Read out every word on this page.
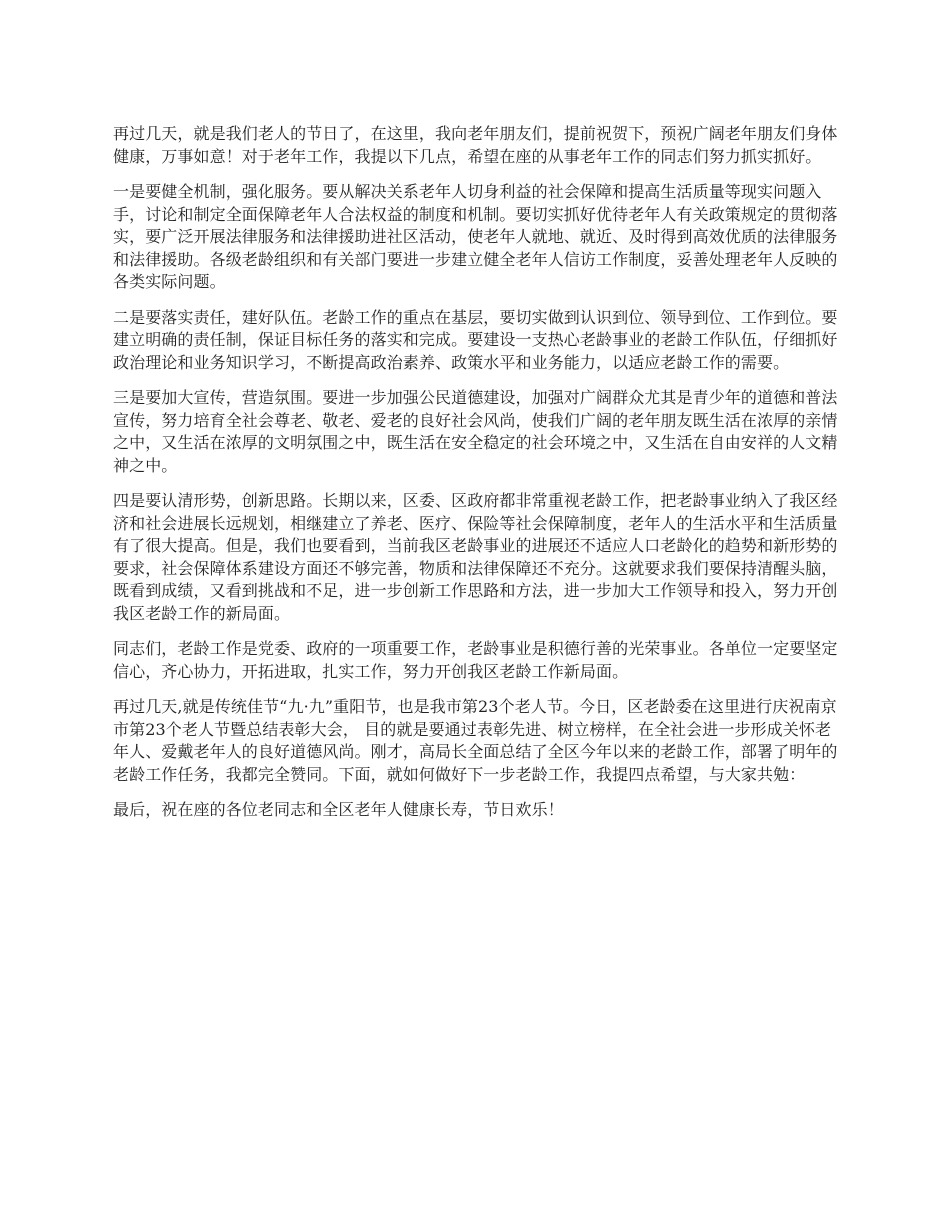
再过几天，就是我们老人的节日了，在这里，我向老年朋友们，提前祝贺下，预祝广阔老年朋友们身体健康，万事如意！对于老年工作，我提以下几点，希望在座的从事老年工作的同志们努力抓实抓好。

一是要健全机制，强化服务。要从解决关系老年人切身利益的社会保障和提高生活质量等现实问题入手，讨论和制定全面保障老年人合法权益的制度和机制。要切实抓好优待老年人有关政策规定的贯彻落实，要广泛开展法律服务和法律援助进社区活动，使老年人就地、就近、及时得到高效优质的法律服务和法律援助。各级老龄组织和有关部门要进一步建立健全老年人信访工作制度，妥善处理老年人反映的各类实际问题。

二是要落实责任，建好队伍。老龄工作的重点在基层，要切实做到认识到位、领导到位、工作到位。要建立明确的责任制，保证目标任务的落实和完成。要建设一支热心老龄事业的老龄工作队伍，仔细抓好政治理论和业务知识学习，不断提高政治素养、政策水平和业务能力，以适应老龄工作的需要。

三是要加大宣传，营造氛围。要进一步加强公民道德建设，加强对广阔群众尤其是青少年的道德和普法宣传，努力培育全社会尊老、敬老、爱老的良好社会风尚，使我们广阔的老年朋友既生活在浓厚的亲情之中，又生活在浓厚的文明氛围之中，既生活在安全稳定的社会环境之中，又生活在自由安祥的人文精神之中。

四是要认清形势，创新思路。长期以来，区委、区政府都非常重视老龄工作，把老龄事业纳入了我区经济和社会进展长远规划，相继建立了养老、医疗、保险等社会保障制度，老年人的生活水平和生活质量有了很大提高。但是，我们也要看到，当前我区老龄事业的进展还不适应人口老龄化的趋势和新形势的要求，社会保障体系建设方面还不够完善，物质和法律保障还不充分。这就要求我们要保持清醒头脑，既看到成绩，又看到挑战和不足，进一步创新工作思路和方法，进一步加大工作领导和投入，努力开创我区老龄工作的新局面。

同志们，老龄工作是党委、政府的一项重要工作，老龄事业是积德行善的光荣事业。各单位一定要坚定信心，齐心协力，开拓进取，扎实工作，努力开创我区老龄工作新局面。

再过几天,就是传统佳节“九·九”重阳节，也是我市第23个老人节。今日，区老龄委在这里进行庆祝南京市第23个老人节暨总结表彰大会， 目的就是要通过表彰先进、树立榜样，在全社会进一步形成关怀老年人、爱戴老年人的良好道德风尚。刚才，高局长全面总结了全区今年以来的老龄工作，部署了明年的老龄工作任务，我都完全赞同。下面，就如何做好下一步老龄工作，我提四点希望，与大家共勉：

最后，祝在座的各位老同志和全区老年人健康长寿，节日欢乐！
